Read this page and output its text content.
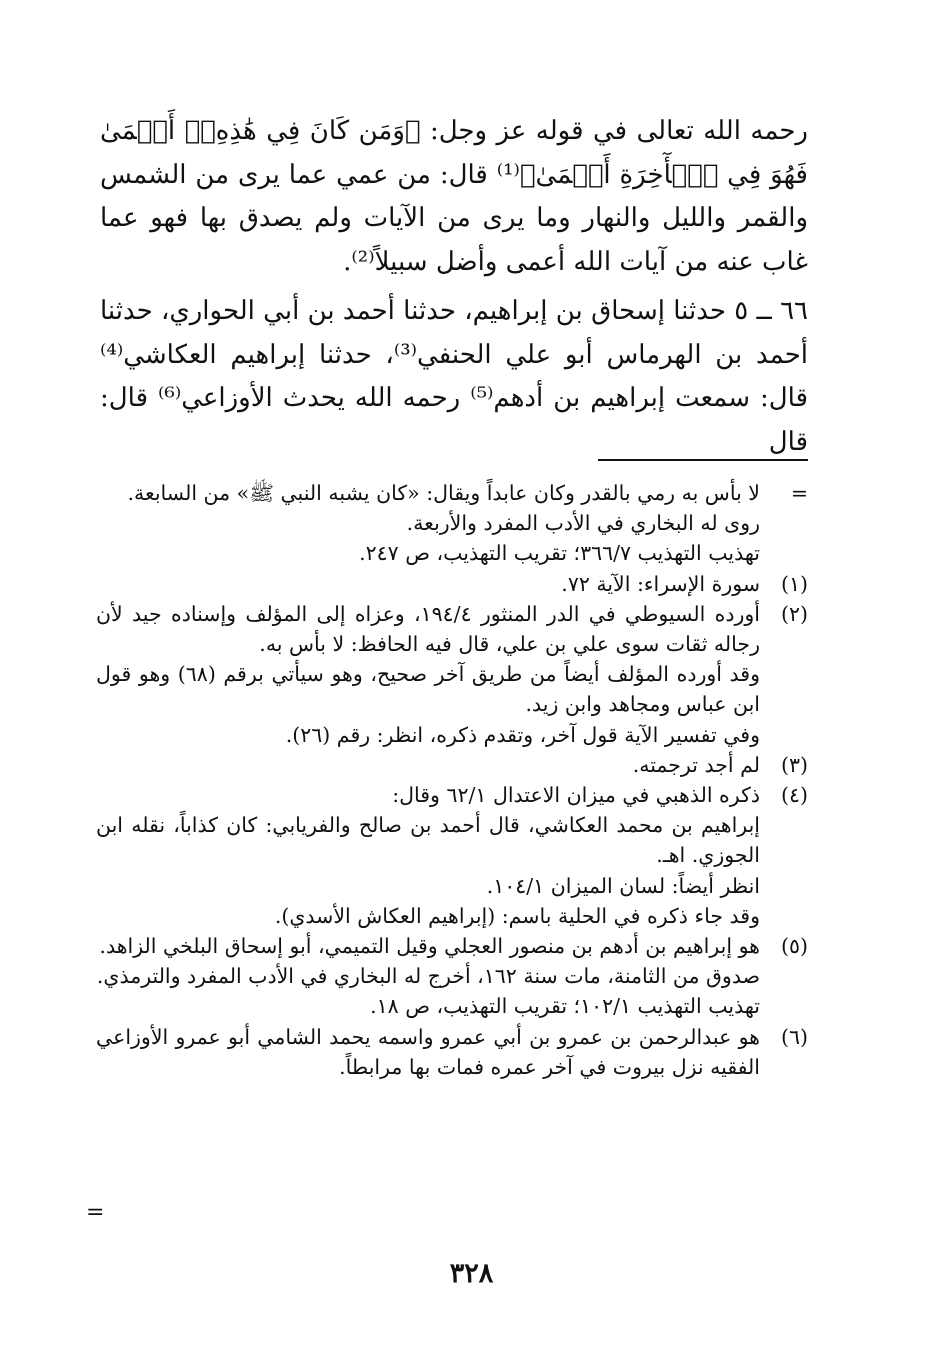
رحمه الله تعالى في قوله عز وجل: ﴿وَمَن كَانَ فِي هَٰذِهِۦٓ أَعۡمَىٰ فَهُوَ فِي ٱلۡأٓخِرَةِ أَعۡمَىٰ﴾⁽¹⁾ قال: من عمي عما يرى من الشمس والقمر والليل والنهار وما يرى من الآيات ولم يصدق بها فهو عما غاب عنه من آيات الله أعمى وأضل سبيلاً⁽²⁾.

٦٦ ــ ٥ حدثنا إسحاق بن إبراهيم، حدثنا أحمد بن أبي الحواري، حدثنا أحمد بن الهرماس أبو علي الحنفي⁽³⁾، حدثنا إبراهيم العكاشي⁽⁴⁾ قال: سمعت إبراهيم بن أدهم⁽⁵⁾ رحمه الله يحدث الأوزاعي⁽⁶⁾ قال: قال

=
لا بأس به رمي بالقدر وكان عابداً ويقال: «كان يشبه النبي ﷺ» من السابعة.
روى له البخاري في الأدب المفرد والأربعة.
تهذيب التهذيب ٣٦٦/٧؛ تقريب التهذيب، ص ٢٤٧.
(١)
سورة الإسراء: الآية ٧٢.
(٢)
أورده السيوطي في الدر المنثور ١٩٤/٤، وعزاه إلى المؤلف وإسناده جيد لأن رجاله ثقات سوى علي بن علي، قال فيه الحافظ: لا بأس به.
وقد أورده المؤلف أيضاً من طريق آخر صحيح، وهو سيأتي برقم (٦٨) وهو قول ابن عباس ومجاهد وابن زيد.
وفي تفسير الآية قول آخر، وتقدم ذكره، انظر: رقم (٢٦).
(٣)
لم أجد ترجمته.
(٤)
ذكره الذهبي في ميزان الاعتدال ٦٢/١ وقال:
إبراهيم بن محمد العكاشي، قال أحمد بن صالح والفريابي: كان كذاباً، نقله ابن الجوزي. اهـ.
انظر أيضاً: لسان الميزان ١٠٤/١.
وقد جاء ذكره في الحلية باسم: (إبراهيم العكاش الأسدي).
(٥)
هو إبراهيم بن أدهم بن منصور العجلي وقيل التميمي، أبو إسحاق البلخي الزاهد.
صدوق من الثامنة، مات سنة ١٦٢، أخرج له البخاري في الأدب المفرد والترمذي.
تهذيب التهذيب ١٠٢/١؛ تقريب التهذيب، ص ١٨.
(٦)
هو عبدالرحمن بن عمرو بن أبي عمرو واسمه يحمد الشامي أبو عمرو الأوزاعي الفقيه نزل بيروت في آخر عمره فمات بها مرابطاً.
=
٣٢٨
